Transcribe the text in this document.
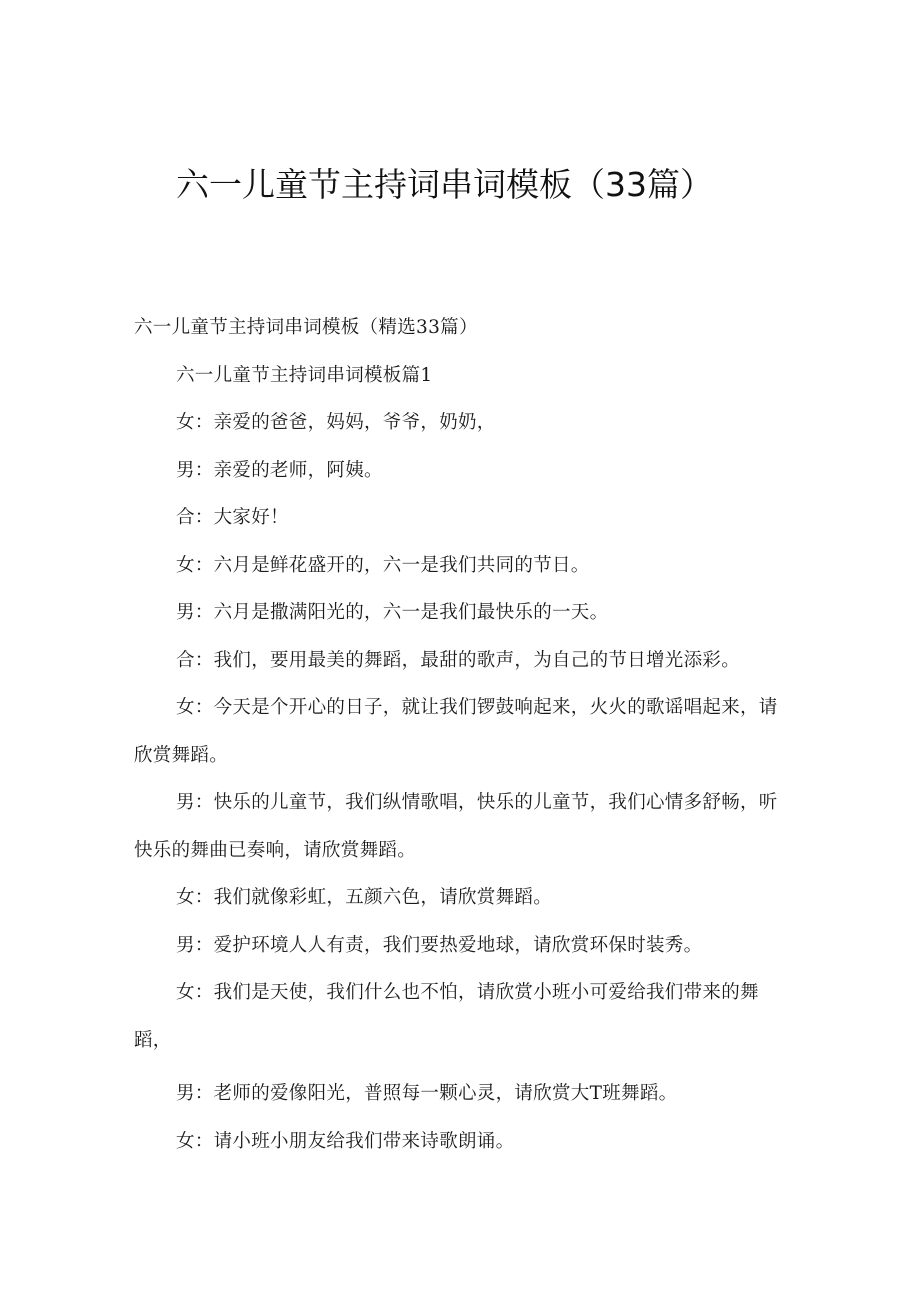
六一儿童节主持词串词模板（33篇）

六一儿童节主持词串词模板（精选33篇）

六一儿童节主持词串词模板篇1

女：亲爱的爸爸，妈妈，爷爷，奶奶，

男：亲爱的老师，阿姨。

合：大家好！

女：六月是鲜花盛开的，六一是我们共同的节日。

男：六月是撒满阳光的，六一是我们最快乐的一天。

合：我们，要用最美的舞蹈，最甜的歌声，为自己的节日增光添彩。

女：今天是个开心的日子，就让我们锣鼓响起来，火火的歌谣唱起来，请欣赏舞蹈。

男：快乐的儿童节，我们纵情歌唱，快乐的儿童节，我们心情多舒畅，听快乐的舞曲已奏响，请欣赏舞蹈。

女：我们就像彩虹，五颜六色，请欣赏舞蹈。

男：爱护环境人人有责，我们要热爱地球，请欣赏环保时装秀。

女：我们是天使，我们什么也不怕，请欣赏小班小可爱给我们带来的舞蹈，

男：老师的爱像阳光，普照每一颗心灵，请欣赏大T班舞蹈。

女：请小班小朋友给我们带来诗歌朗诵。
